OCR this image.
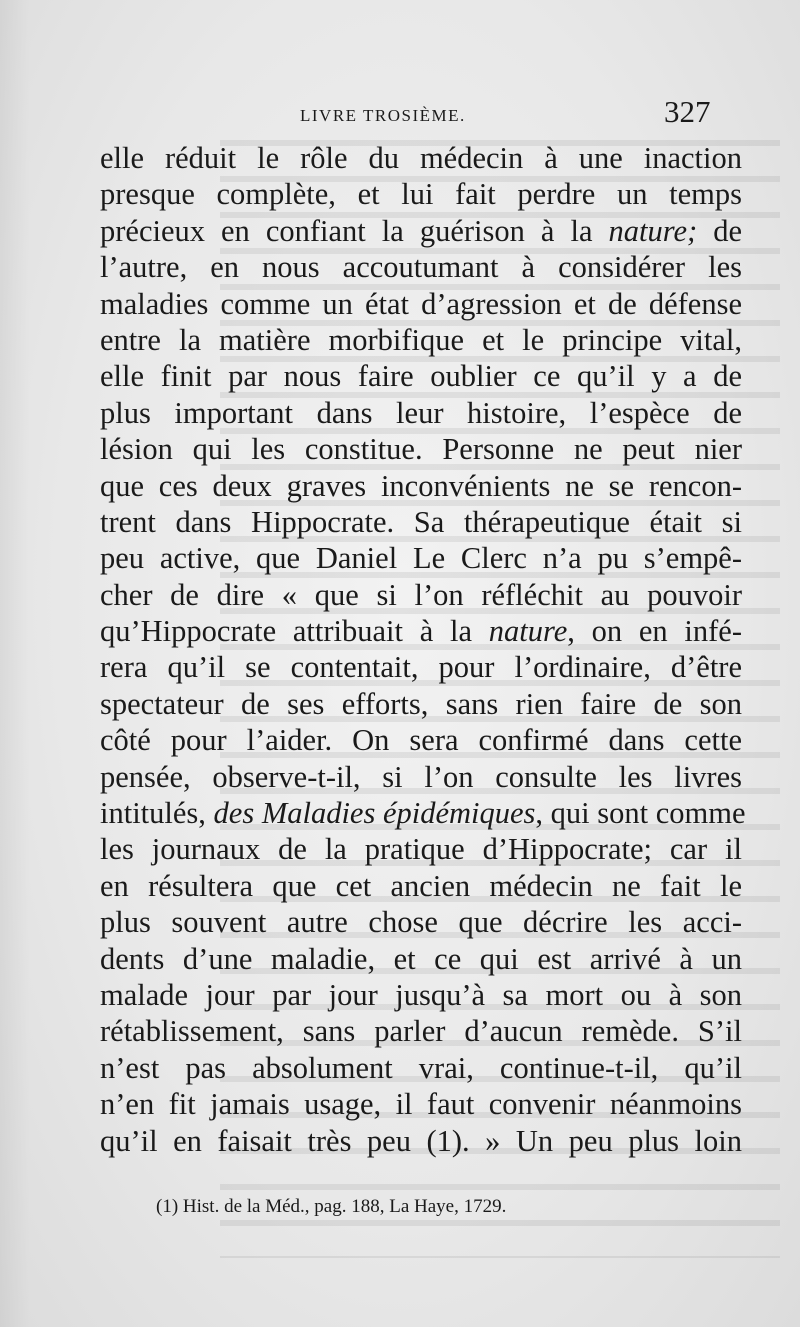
LIVRE TROSIÈME.	327
elle réduit le rôle du médecin à une inaction
presque complète, et lui fait perdre un temps
précieux en confiant la guérison à la nature; de
l’autre, en nous accoutumant à considérer les
maladies comme un état d’agression et de défense
entre la matière morbifique et le principe vital,
elle finit par nous faire oublier ce qu’il y a de
plus important dans leur histoire, l’espèce de
lésion qui les constitue. Personne ne peut nier
que ces deux graves inconvénients ne se rencon-
trent dans Hippocrate. Sa thérapeutique était si
peu active, que Daniel Le Clerc n’a pu s’empê-
cher de dire « que si l’on réfléchit au pouvoir
qu’Hippocrate attribuait à la nature, on en infé-
rera qu’il se contentait, pour l’ordinaire, d’être
spectateur de ses efforts, sans rien faire de son
côté pour l’aider. On sera confirmé dans cette
pensée, observe-t-il, si l’on consulte les livres
intitulés, des Maladies épidémiques, qui sont comme
les journaux de la pratique d’Hippocrate; car il
en résultera que cet ancien médecin ne fait le
plus souvent autre chose que décrire les acci-
dents d’une maladie, et ce qui est arrivé à un
malade jour par jour jusqu’à sa mort ou à son
rétablissement, sans parler d’aucun remède. S’il
n’est pas absolument vrai, continue-t-il, qu’il
n’en fit jamais usage, il faut convenir néanmoins
qu’il en faisait très peu (1). » Un peu plus loin
(1) Hist. de la Méd., pag. 188, La Haye, 1729.
